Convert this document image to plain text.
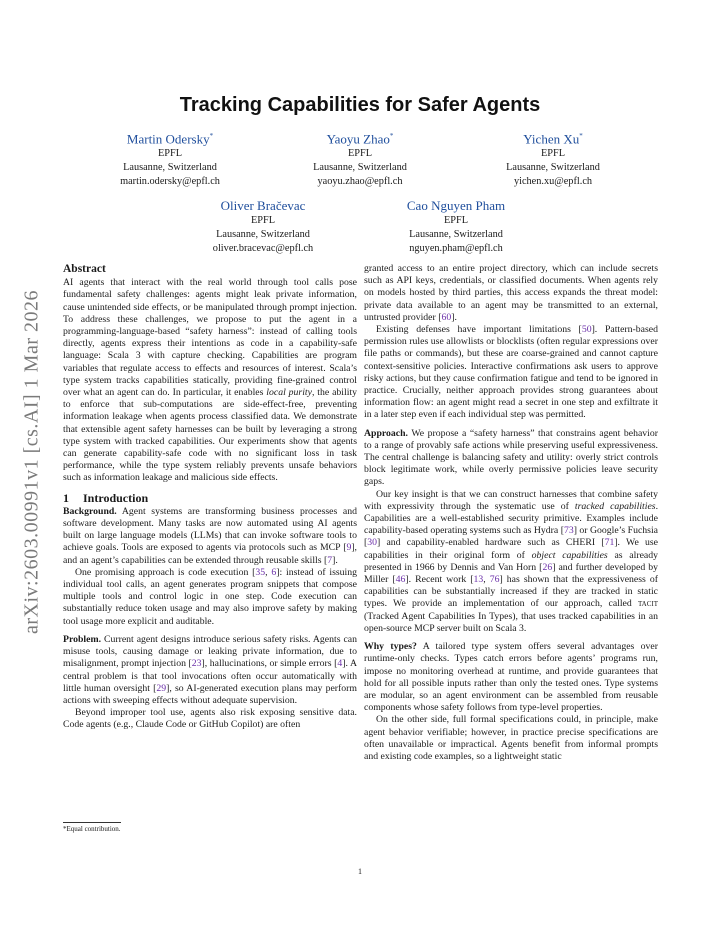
arXiv:2603.00991v1 [cs.AI] 1 Mar 2026
Tracking Capabilities for Safer Agents
Martin Odersky*
EPFL
Lausanne, Switzerland
martin.odersky@epfl.ch
Yaoyu Zhao*
EPFL
Lausanne, Switzerland
yaoyu.zhao@epfl.ch
Yichen Xu*
EPFL
Lausanne, Switzerland
yichen.xu@epfl.ch
Oliver Bračevac
EPFL
Lausanne, Switzerland
oliver.bracevac@epfl.ch
Cao Nguyen Pham
EPFL
Lausanne, Switzerland
nguyen.pham@epfl.ch
Abstract

AI agents that interact with the real world through tool calls pose fundamental safety challenges: agents might leak private information, cause unintended side effects, or be manipulated through prompt injection. To address these challenges, we propose to put the agent in a programming-language-based “safety harness”: instead of calling tools directly, agents express their intentions as code in a capability-safe language: Scala 3 with capture checking. Capabilities are program variables that regulate access to effects and resources of interest. Scala’s type system tracks capabilities statically, providing fine-grained control over what an agent can do. In particular, it enables local purity, the ability to enforce that sub-computations are side-effect-free, preventing information leakage when agents process classified data. We demonstrate that extensible agent safety harnesses can be built by leveraging a strong type system with tracked capabilities. Our experiments show that agents can generate capability-safe code with no significant loss in task performance, while the type system reliably prevents unsafe behaviors such as information leakage and malicious side effects.

1 Introduction

Background. Agent systems are transforming business processes and software development. Many tasks are now automated using AI agents built on large language models (LLMs) that can invoke software tools to achieve goals. Tools are exposed to agents via protocols such as MCP [9], and an agent’s capabilities can be extended through reusable skills [7].

One promising approach is code execution [35, 6]: instead of issuing individual tool calls, an agent generates program snippets that compose multiple tools and control logic in one step. Code execution can substantially reduce token usage and may also improve safety by making tool usage more explicit and auditable.

Problem. Current agent designs introduce serious safety risks. Agents can misuse tools, causing damage or leaking private information, due to misalignment, prompt injection [23], hallucinations, or simple errors [4]. A central problem is that tool invocations often occur automatically with little human oversight [29], so AI-generated execution plans may perform actions with sweeping effects without adequate supervision.

Beyond improper tool use, agents also risk exposing sensitive data. Code agents (e.g., Claude Code or GitHub Copilot) are often

granted access to an entire project directory, which can include secrets such as API keys, credentials, or classified documents. When agents rely on models hosted by third parties, this access expands the threat model: private data available to an agent may be transmitted to an external, untrusted provider [60].

Existing defenses have important limitations [50]. Pattern-based permission rules use allowlists or blocklists (often regular expressions over file paths or commands), but these are coarse-grained and cannot capture context-sensitive policies. Interactive confirmations ask users to approve risky actions, but they cause confirmation fatigue and tend to be ignored in practice. Crucially, neither approach provides strong guarantees about information flow: an agent might read a secret in one step and exfiltrate it in a later step even if each individual step was permitted.

Approach. We propose a “safety harness” that constrains agent behavior to a range of provably safe actions while preserving useful expressiveness. The central challenge is balancing safety and utility: overly strict controls block legitimate work, while overly permissive policies leave security gaps.

Our key insight is that we can construct harnesses that combine safety with expressivity through the systematic use of tracked capabilities. Capabilities are a well-established security primitive. Examples include capability-based operating systems such as Hydra [73] or Google’s Fuchsia [30] and capability-enabled hardware such as CHERI [71]. We use capabilities in their original form of object capabilities as already presented in 1966 by Dennis and Van Horn [26] and further developed by Miller [46]. Recent work [13, 76] has shown that the expressiveness of capabilities can be substantially increased if they are tracked in static types. We provide an implementation of our approach, called tacit (Tracked Agent Capabilities In Types), that uses tracked capabilities in an open-source MCP server built on Scala 3.

Why types? A tailored type system offers several advantages over runtime-only checks. Types catch errors before agents’ programs run, impose no monitoring overhead at runtime, and provide guarantees that hold for all possible inputs rather than only the tested ones. Type systems are modular, so an agent environment can be assembled from reusable components whose safety follows from type-level properties.

On the other side, full formal specifications could, in principle, make agent behavior verifiable; however, in practice precise specifications are often unavailable or impractical. Agents benefit from informal prompts and existing code examples, so a lightweight static

*Equal contribution.
1
